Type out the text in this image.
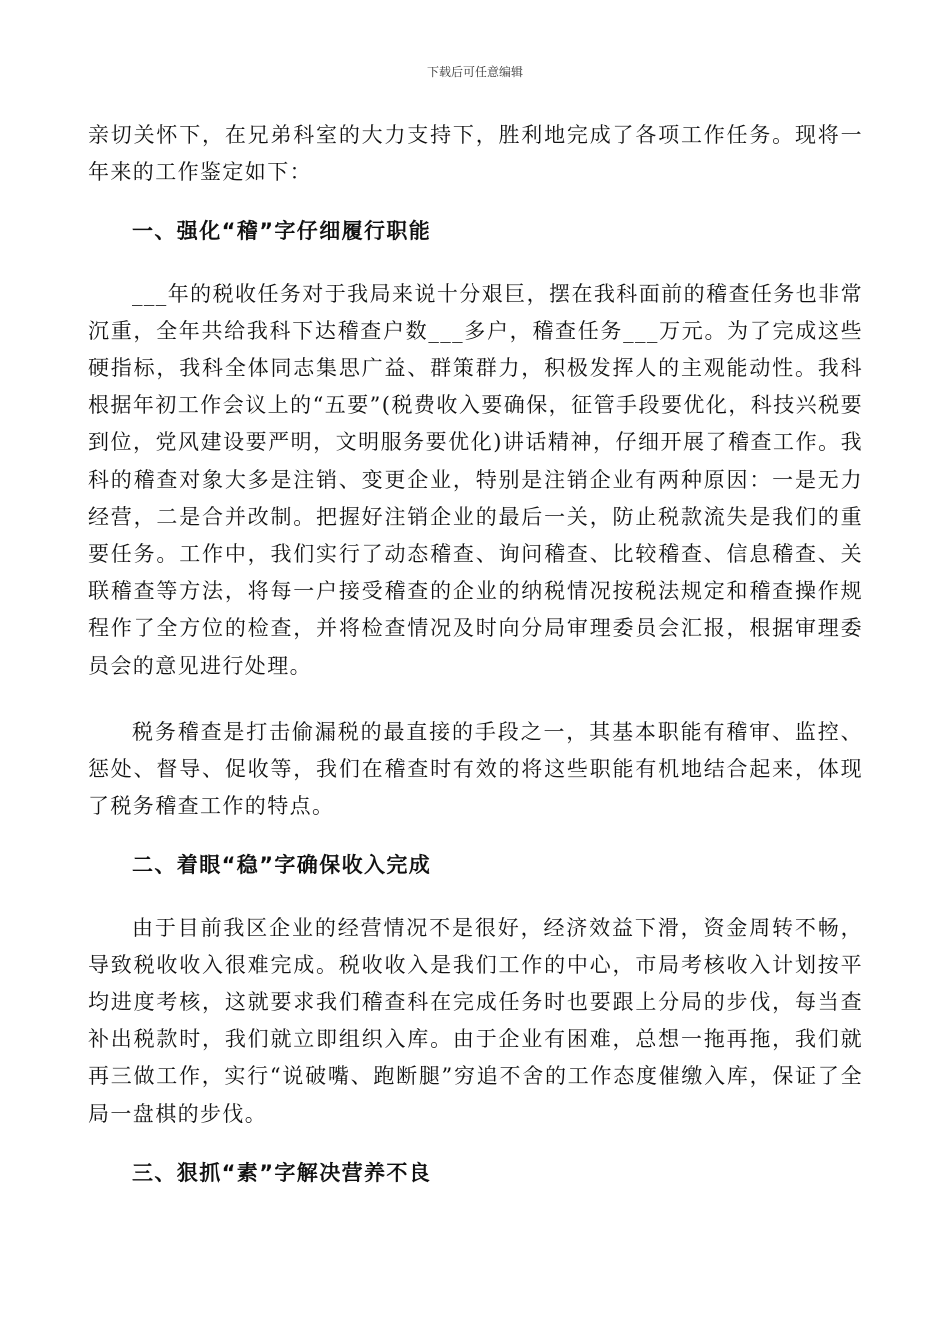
下载后可任意编辑

亲切关怀下，在兄弟科室的大力支持下，胜利地完成了各项工作任务。现将一年来的工作鉴定如下：

一、强化“稽”字仔细履行职能

___年的税收任务对于我局来说十分艰巨，摆在我科面前的稽查任务也非常沉重，全年共给我科下达稽查户数___多户，稽查任务___万元。为了完成这些硬指标，我科全体同志集思广益、群策群力，积极发挥人的主观能动性。我科根据年初工作会议上的“五要”(税费收入要确保，征管手段要优化，科技兴税要到位，党风建设要严明，文明服务要优化)讲话精神，仔细开展了稽查工作。我科的稽查对象大多是注销、变更企业，特别是注销企业有两种原因：一是无力经营，二是合并改制。把握好注销企业的最后一关，防止税款流失是我们的重要任务。工作中，我们实行了动态稽查、询问稽查、比较稽查、信息稽查、关联稽查等方法，将每一户接受稽查的企业的纳税情况按税法规定和稽查操作规程作了全方位的检查，并将检查情况及时向分局审理委员会汇报，根据审理委员会的意见进行处理。

税务稽查是打击偷漏税的最直接的手段之一，其基本职能有稽审、监控、惩处、督导、促收等，我们在稽查时有效的将这些职能有机地结合起来，体现了税务稽查工作的特点。

二、着眼“稳”字确保收入完成

由于目前我区企业的经营情况不是很好，经济效益下滑，资金周转不畅，导致税收收入很难完成。税收收入是我们工作的中心，市局考核收入计划按平均进度考核，这就要求我们稽查科在完成任务时也要跟上分局的步伐，每当查补出税款时，我们就立即组织入库。由于企业有困难，总想一拖再拖，我们就再三做工作，实行“说破嘴、跑断腿”穷追不舍的工作态度催缴入库，保证了全局一盘棋的步伐。

三、狠抓“素”字解决营养不良
